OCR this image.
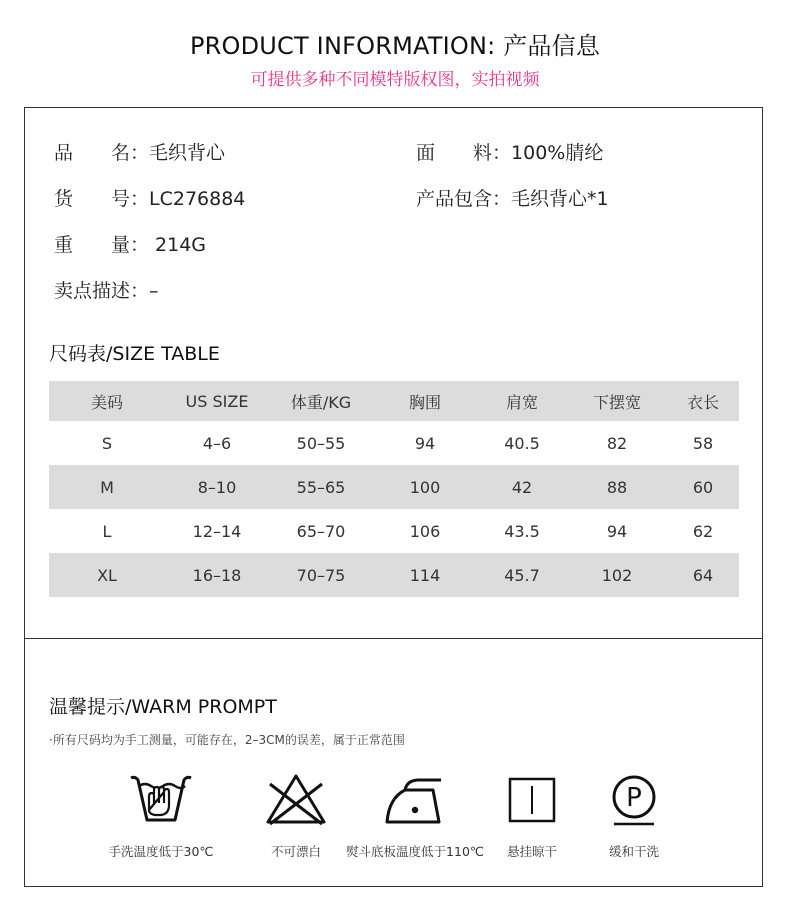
PRODUCT INFORMATION: 产品信息
可提供多种不同模特版权图，实拍视频
品　　名：毛织背心	面　　料：100%腈纶
货　　号：LC276884	产品包含：毛织背心*1
重　　量： 214G
卖点描述：–
尺码表/SIZE TABLE
美码	US SIZE	体重/KG	胸围	肩宽	下摆宽	衣长
S	4–6	50–55	94	40.5	82	58
M	8–10	55–65	100	42	88	60
L	12–14	65–70	106	43.5	94	62
XL	16–18	70–75	114	45.7	102	64
温馨提示/WARM PROMPT
·所有尺码均为手工测量，可能存在，2–3CM的误差，属于正常范围
手洗温度低于30℃	不可漂白	熨斗底板温度低于110℃	悬挂晾干
P
缓和干洗
